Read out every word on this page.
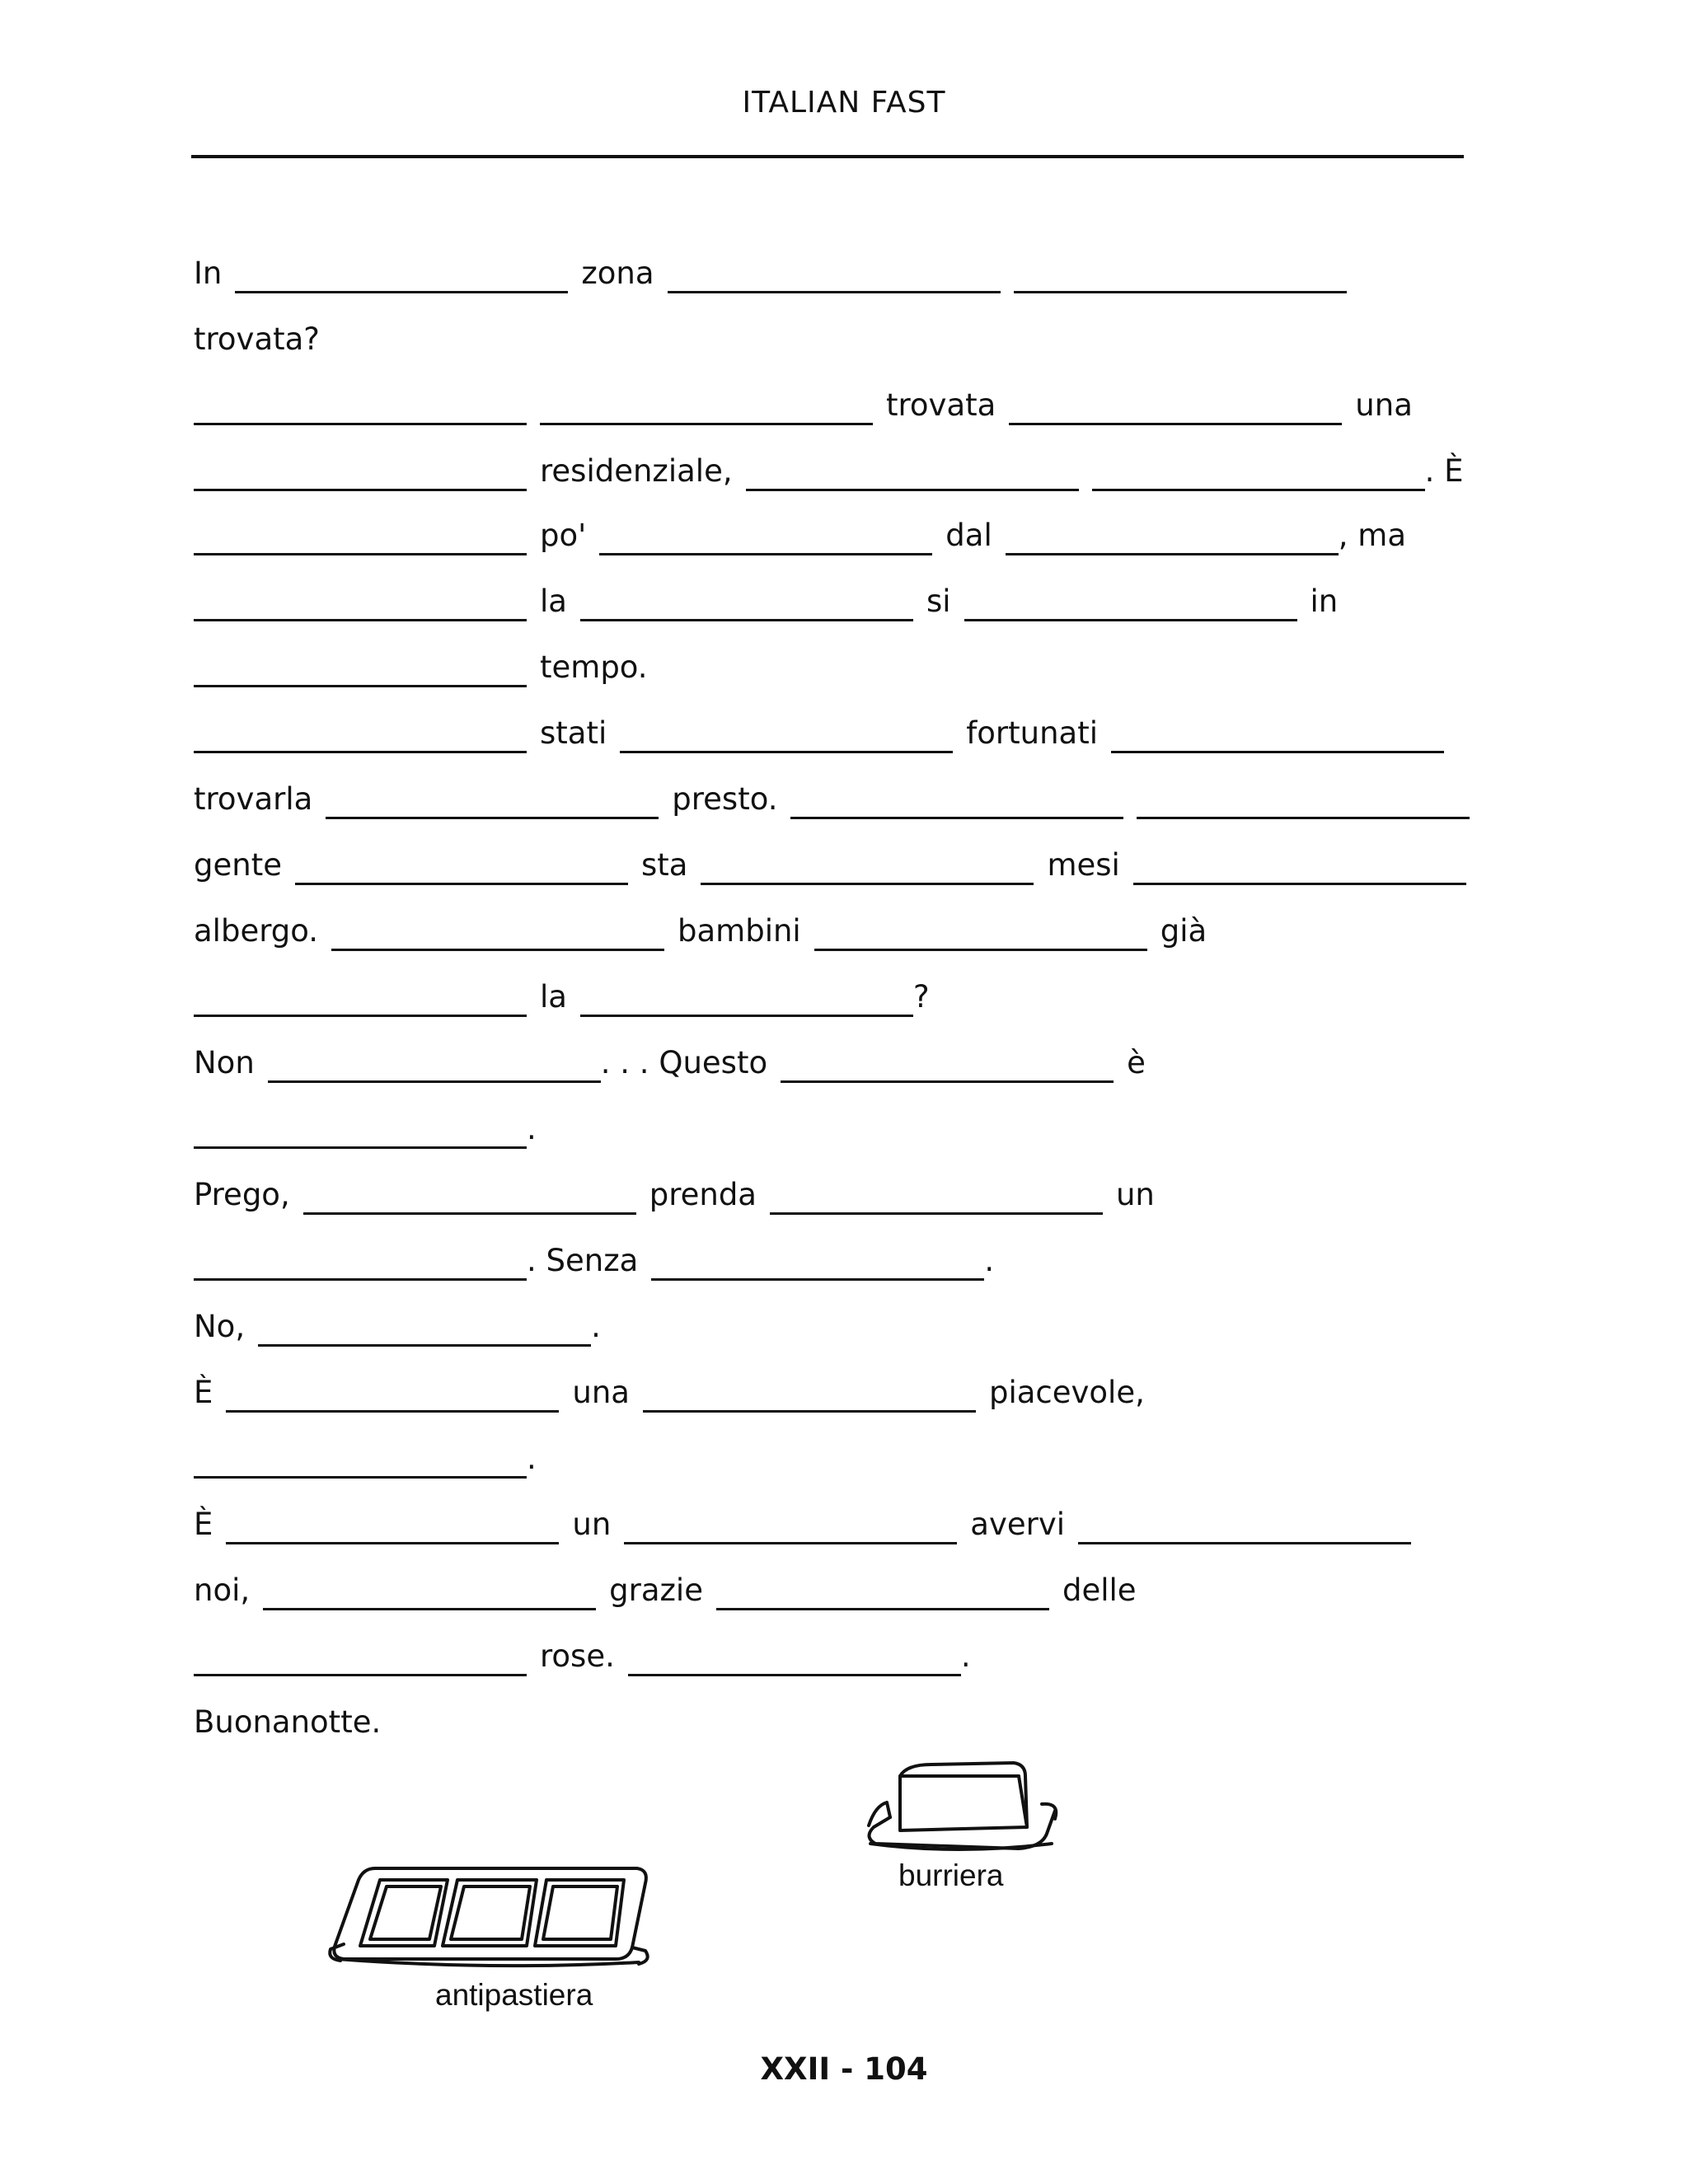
ITALIAN FAST
In	zona
trovata?
trovata	una
residenziale,	. È
po'	dal	, ma
la	si	in
tempo.
stati	fortunati
trovarla	presto.
gente	sta	mesi
albergo.	bambini	già
la	?
Non	. . . Questo	è
.
Prego,	prenda	un
. Senza	.
No,	.
È	una	piacevole,
.
È	un	avervi
noi,	grazie	delle
rose.	.
Buonanotte.
antipastiera
burriera
XXII - 104
